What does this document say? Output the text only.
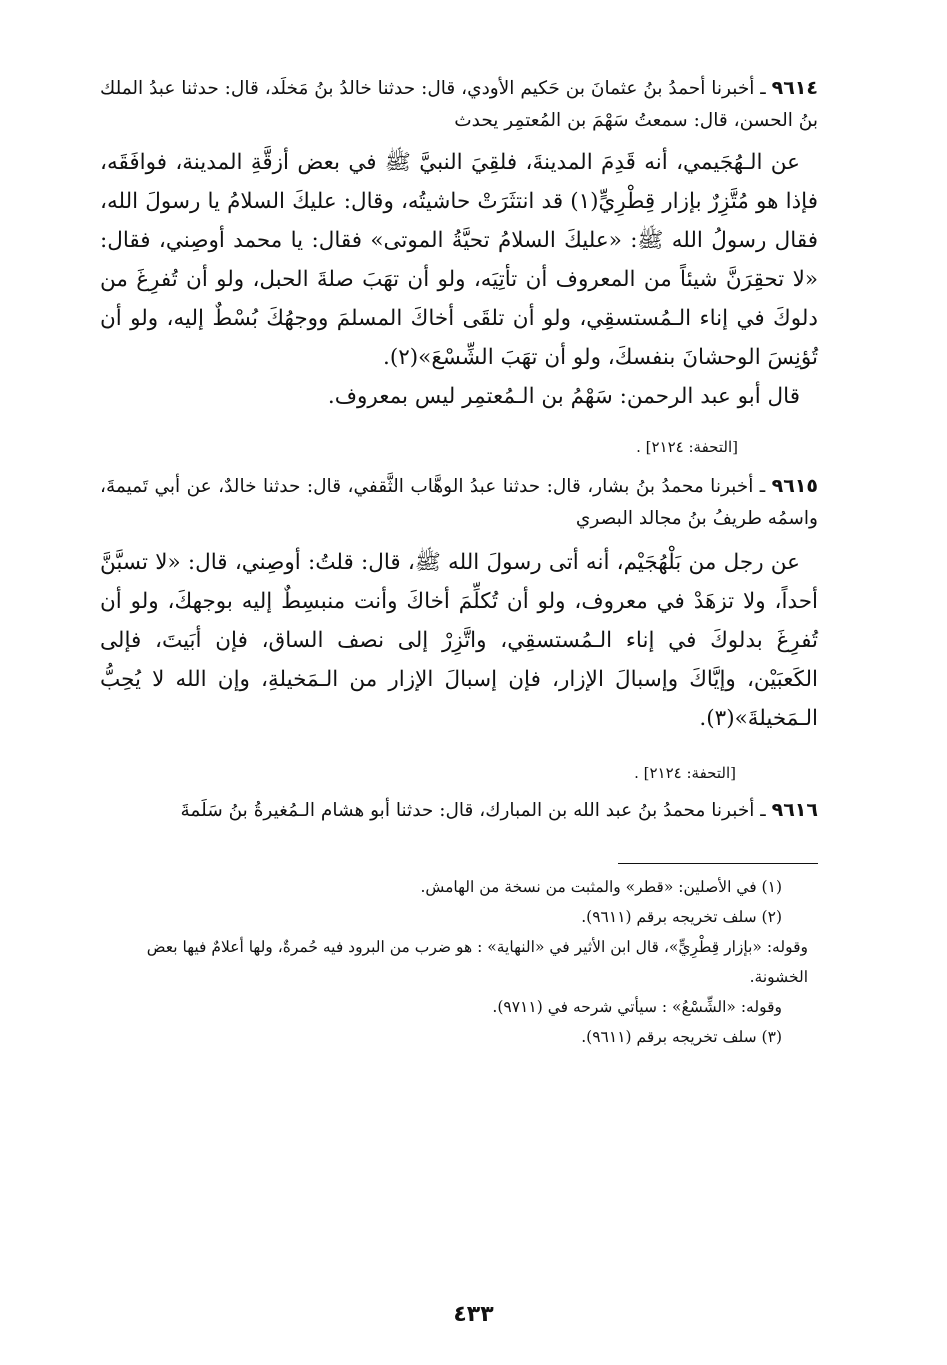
٩٦١٤ ـ أخبرنا أحمدُ بنُ عثمانَ بن حَكيم الأودي، قال: حدثنا خالدُ بنُ مَخلَد، قال: حدثنا عبدُ الملك بنُ الحسن، قال: سمعتُ سَهْمَ بن المُعتمِر يحدث

عن الـهُجَيمي، أنه قَدِمَ المدينةَ، فلقِيَ النبيَّ ﷺ في بعض أزقَّةِ المدينة، فوافَقَه، فإذا هو مُتَّزِرٌ بإزار قِطْرِيٍّ(١) قد انتثَرَتْ حاشيتُه، وقال: عليكَ السلامُ يا رسولَ الله، فقال رسولُ الله ﷺ: «عليكَ السلامُ تحيَّةُ الموتى» فقال: يا محمد أوصِني، فقال: «لا تحقِرَنَّ شيئاً من المعروف أن تأتِيَه، ولو أن تهَبَ صلةَ الحبل، ولو أن تُفرِغَ من دلوكَ في إناء الـمُستسقِي، ولو أن تلقَى أخاكَ المسلمَ ووجهُكَ بُسْطٌ إليه، ولو أن تُؤنِسَ الوحشانَ بنفسكَ، ولو أن تهَبَ الشِّسْعَ»(٢).

قال أبو عبد الرحمن: سَهْمُ بن الـمُعتمِر ليس بمعروف.

[التحفة: ٢١٢٤] .

٩٦١٥ ـ أخبرنا محمدُ بنُ بشار، قال: حدثنا عبدُ الوهَّاب الثَّقفي، قال: حدثنا خالدٌ، عن أبي تَميمةَ، واسمُه طريفُ بنُ مجالد البصري

عن رجل من بَلْهُجَيْم، أنه أتى رسولَ الله ﷺ، قال: قلتُ: أوصِني، قال: «لا تسبَّنَّ أحداً، ولا تزهَدْ في معروف، ولو أن تُكلِّمَ أخاكَ وأنت منبسِطٌ إليه بوجهكَ، ولو أن تُفرِغَ بدلوكَ في إناء الـمُستسقِي، واتَّزِرْ إلى نصف الساق، فإن أبَيتَ، فإلى الكَعبَيْن، وإيَّاكَ وإسبالَ الإزار، فإن إسبالَ الإزار من الـمَخيلةِ، وإن الله لا يُحِبُّ الـمَخيلةَ»(٣).

[التحفة: ٢١٢٤] .

٩٦١٦ ـ أخبرنا محمدُ بنُ عبد الله بن المبارك، قال: حدثنا أبو هشام الـمُغيرةُ بنُ سَلَمةَ

(١) في الأصلين: «قطر» والمثبت من نسخة من الهامش.

(٢) سلف تخريجه برقم (٩٦١١).

وقوله: «بإزار قِطْرِيٍّ»، قال ابن الأثير في «النهاية» : هو ضرب من البرود فيه حُمرةٌ، ولها أعلامٌ فيها بعض الخشونة.

وقوله: «الشِّسْعُ» : سيأتي شرحه في (٩٧١١).

(٣) سلف تخريجه برقم (٩٦١١).

٤٣٣
